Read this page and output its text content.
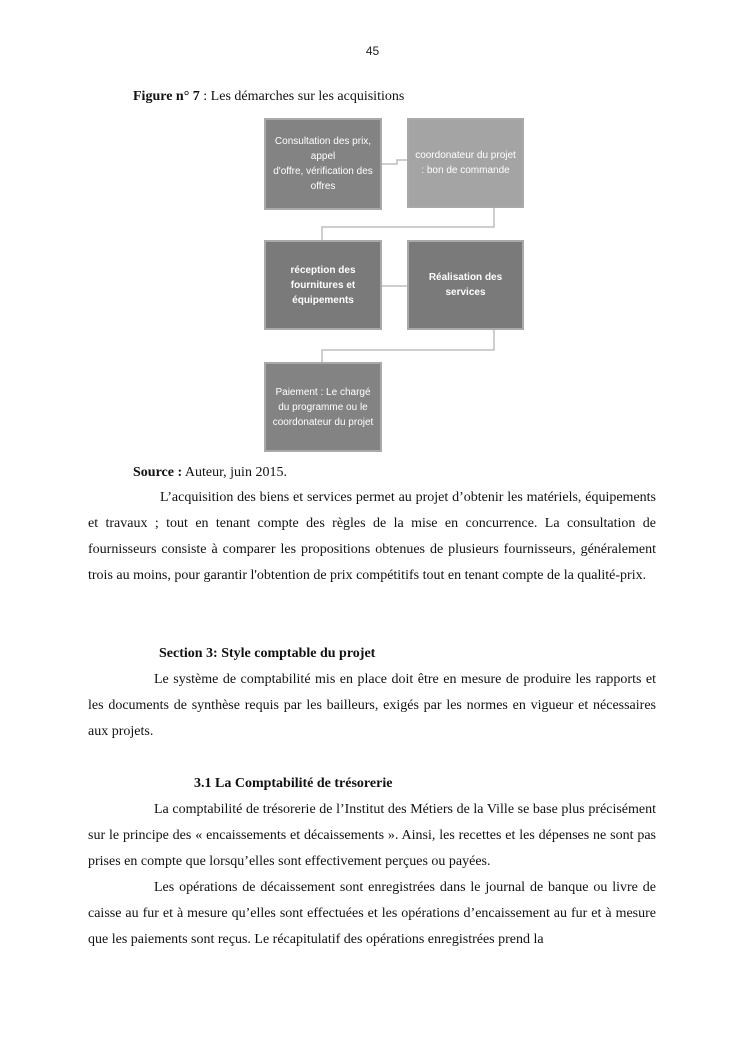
45
Figure n° 7 : Les démarches sur les acquisitions
Consultation des prix, appel
d'offre, vérification des offres
coordonateur du projet : bon de commande
réception des fournitures et
équipements
Réalisation des services
Paiement : Le chargé du programme ou le coordonateur du projet
Source : Auteur, juin 2015.
L’acquisition des biens et services permet au projet d’obtenir les matériels, équipements et travaux ; tout en tenant compte des règles de la mise en concurrence. La consultation de fournisseurs consiste à comparer les propositions obtenues de plusieurs fournisseurs, généralement trois au moins, pour garantir l'obtention de prix compétitifs tout en tenant compte de la qualité-prix.
Section 3: Style comptable du projet
Le système de comptabilité mis en place doit être en mesure de produire les rapports et les documents de synthèse requis par les bailleurs, exigés par les normes en vigueur et nécessaires aux projets.
3.1 La Comptabilité de trésorerie
La comptabilité de trésorerie de l’Institut des Métiers de la Ville se base plus précisément sur le principe des « encaissements et décaissements ». Ainsi, les recettes et les dépenses ne sont pas prises en compte que lorsqu’elles sont effectivement perçues ou payées.
Les opérations de décaissement sont enregistrées dans le journal de banque ou livre de caisse au fur et à mesure qu’elles sont effectuées et les opérations d’encaissement au fur et à mesure que les paiements sont reçus. Le récapitulatif des opérations enregistrées prend la
